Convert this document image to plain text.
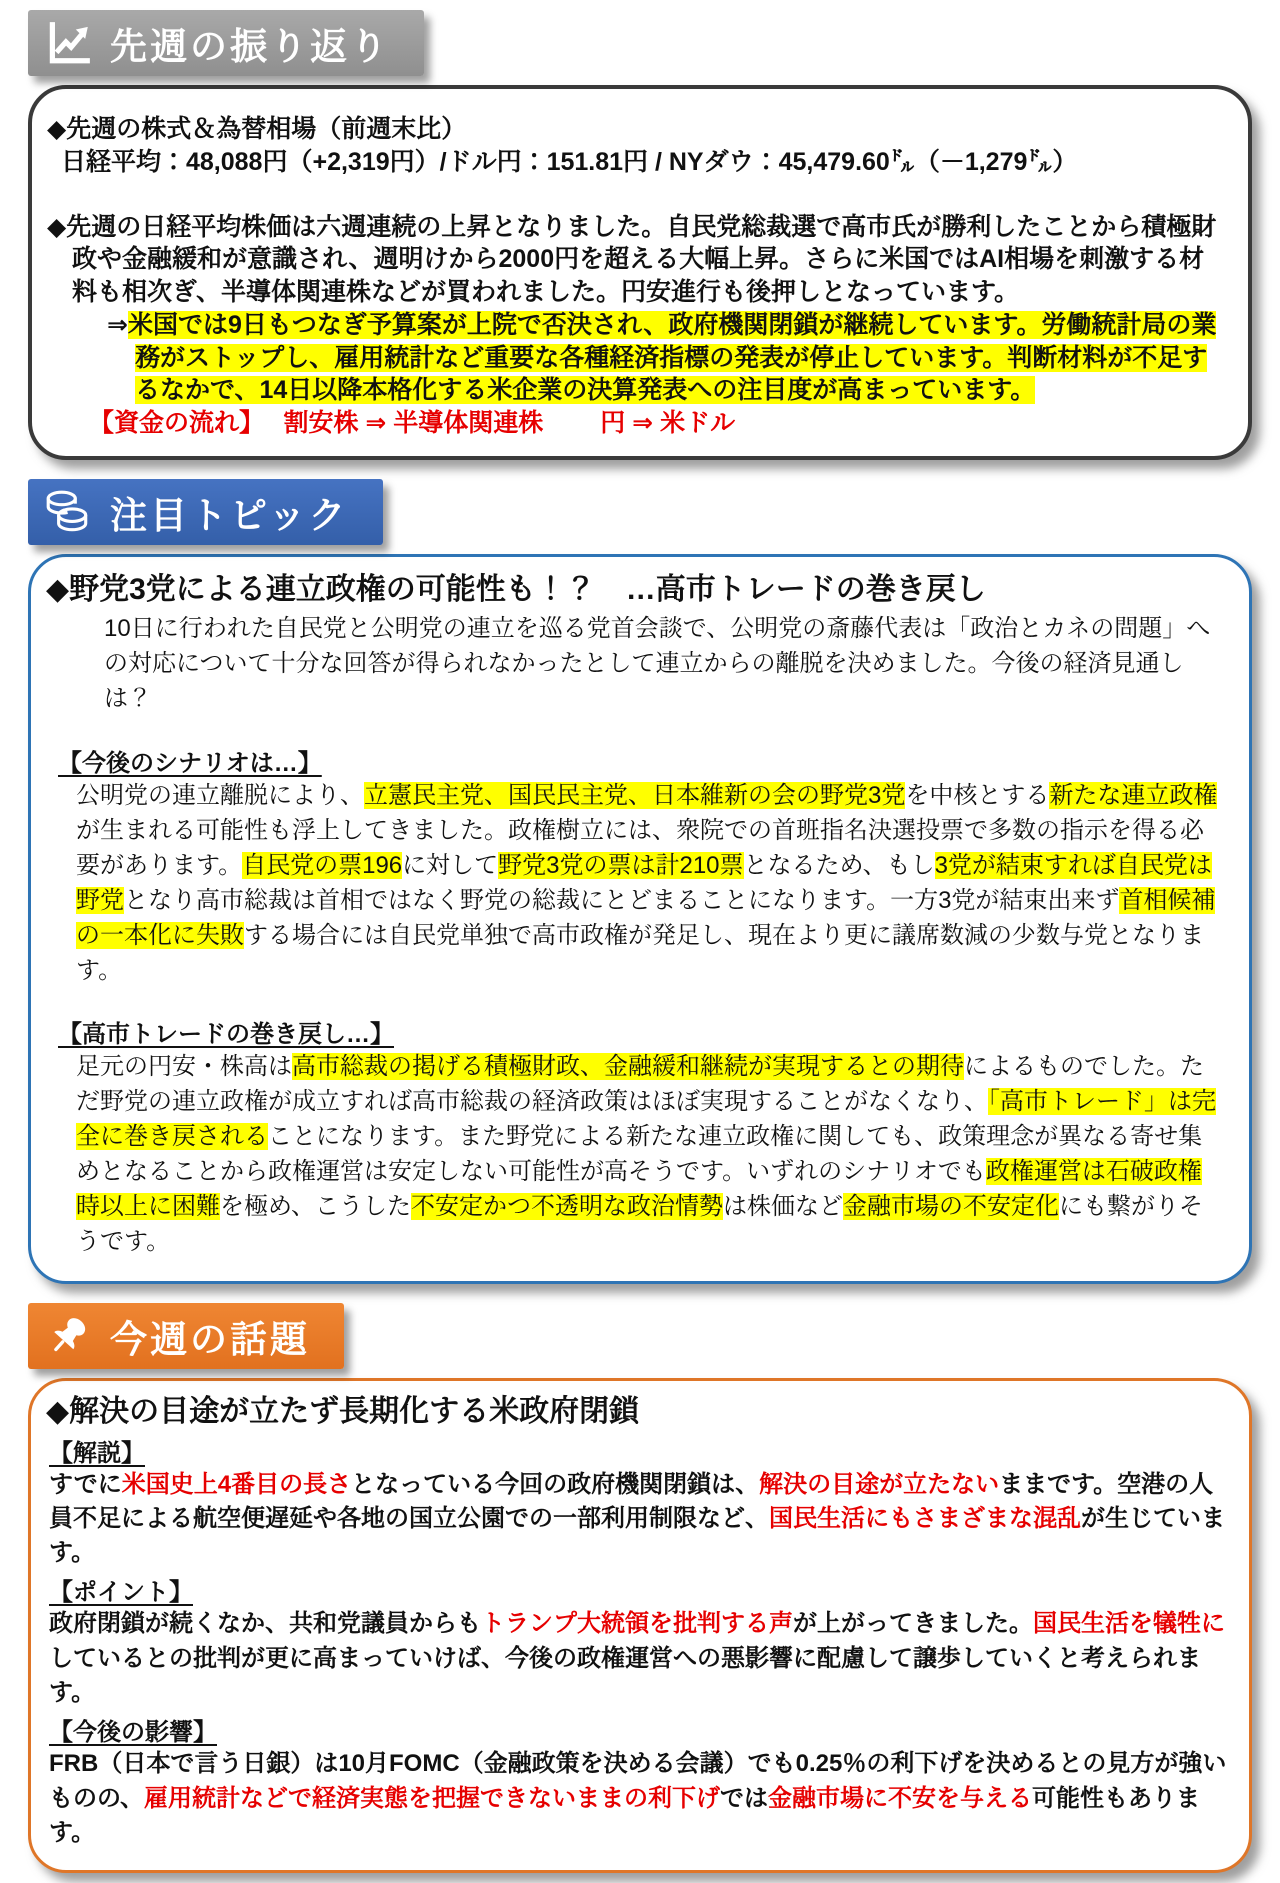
先週の振り返り

◆先週の株式＆為替相場（前週末比）

日経平均：48,088円（+2,319円）/ドル円：151.81円 / NYダウ：45,479.60㌦（－1,279㌦）

◆先週の日経平均株価は六週連続の上昇となりました。自民党総裁選で高市氏が勝利したことから積極財政や金融緩和が意識され、週明けから2000円を超える大幅上昇。さらに米国ではAI相場を刺激する材料も相次ぎ、半導体関連株などが買われました。円安進行も後押しとなっています。

⇒米国では9日もつなぎ予算案が上院で否決され、政府機関閉鎖が継続しています。労働統計局の業務がストップし、雇用統計など重要な各種経済指標の発表が停止しています。判断材料が不足するなかで、14日以降本格化する米企業の決算発表への注目度が高まっています。

【資金の流れ】　 割安株 ⇒ 半導体関連株　　 円 ⇒ 米ドル

注目トピック

◆野党3党による連立政権の可能性も！？　…高市トレードの巻き戻し

10日に行われた自民党と公明党の連立を巡る党首会談で、公明党の斎藤代表は「政治とカネの問題」への対応について十分な回答が得られなかったとして連立からの離脱を決めました。今後の経済見通しは？

【今後のシナリオは…】

公明党の連立離脱により、立憲民主党、国民民主党、日本維新の会の野党3党を中核とする新たな連立政権が生まれる可能性も浮上してきました。政権樹立には、衆院での首班指名決選投票で多数の指示を得る必要があります。自民党の票196に対して野党3党の票は計210票となるため、もし3党が結束すれば自民党は野党となり高市総裁は首相ではなく野党の総裁にとどまることになります。一方3党が結束出来ず首相候補の一本化に失敗する場合には自民党単独で高市政権が発足し、現在より更に議席数減の少数与党となります。

【高市トレードの巻き戻し…】

足元の円安・株高は高市総裁の掲げる積極財政、金融緩和継続が実現するとの期待によるものでした。ただ野党の連立政権が成立すれば高市総裁の経済政策はほぼ実現することがなくなり、「高市トレード」は完全に巻き戻されることになります。また野党による新たな連立政権に関しても、政策理念が異なる寄せ集めとなることから政権運営は安定しない可能性が高そうです。いずれのシナリオでも政権運営は石破政権時以上に困難を極め、こうした不安定かつ不透明な政治情勢は株価など金融市場の不安定化にも繋がりそうです。

今週の話題

◆解決の目途が立たず長期化する米政府閉鎖

【解説】

すでに米国史上4番目の長さとなっている今回の政府機関閉鎖は、解決の目途が立たないままです。空港の人員不足による航空便遅延や各地の国立公園での一部利用制限など、国民生活にもさまざまな混乱が生じています。

【ポイント】

政府閉鎖が続くなか、共和党議員からもトランプ大統領を批判する声が上がってきました。国民生活を犠牲にしているとの批判が更に高まっていけば、今後の政権運営への悪影響に配慮して譲歩していくと考えられます。

【今後の影響】

FRB（日本で言う日銀）は10月FOMC（金融政策を決める会議）でも0.25％の利下げを決めるとの見方が強いものの、雇用統計などで経済実態を把握できないままの利下げでは金融市場に不安を与える可能性もあります。
